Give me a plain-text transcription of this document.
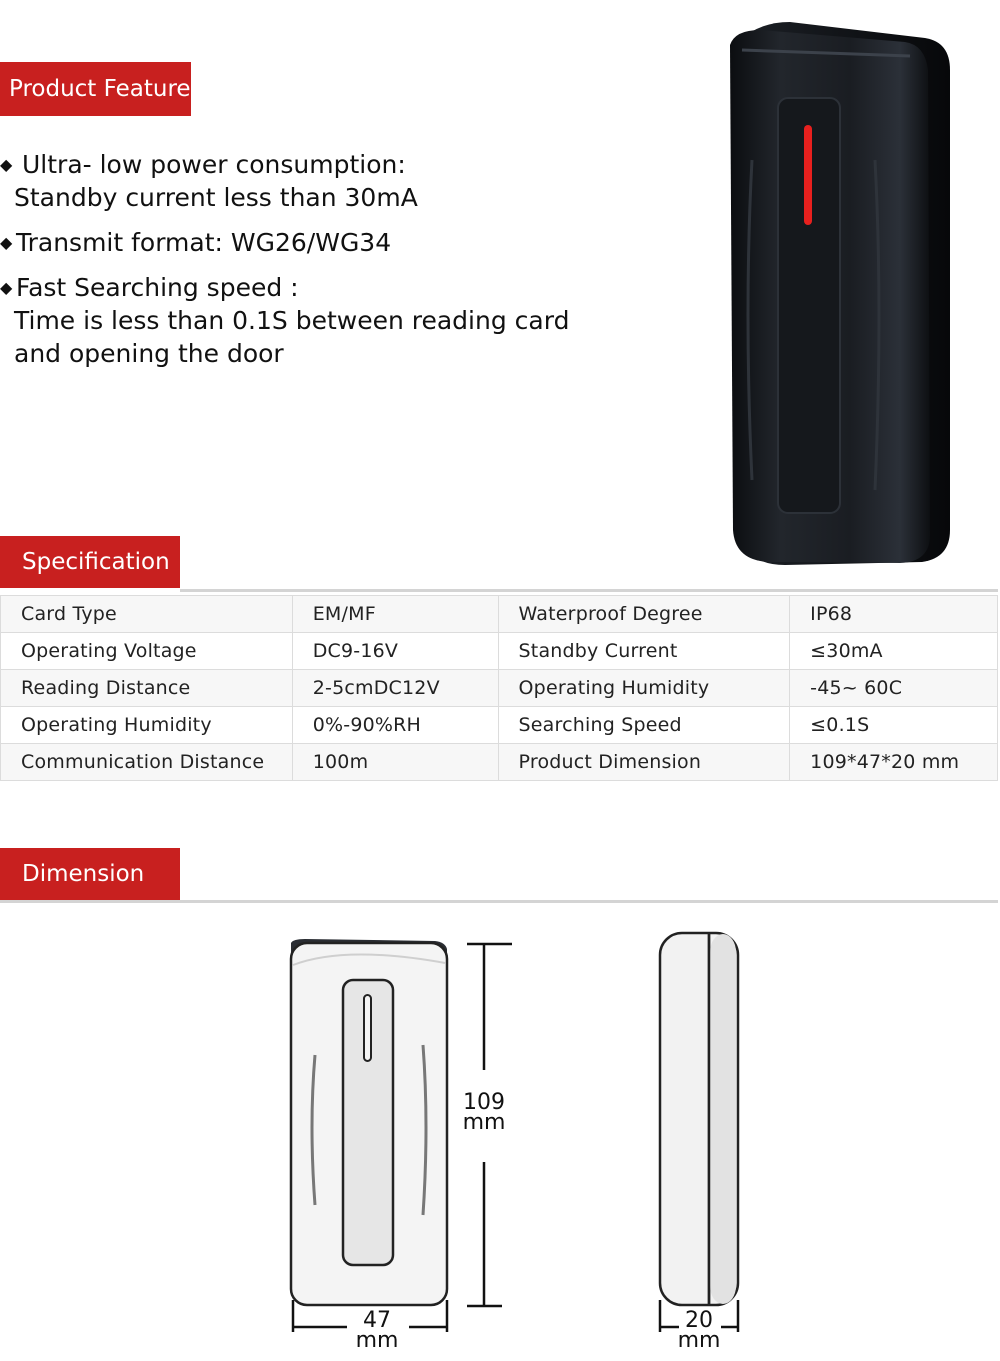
Product Feature
◆ Ultra- low power consumption:
Standby current less than 30mA
◆ Transmit format: WG26/WG34
◆ Fast Searching speed :
Time is less than 0.1S between reading card
and opening the door
Specification
Card Type	EM/MF	Waterproof Degree	IP68
Operating Voltage	DC9-16V	Standby Current	≤30mA
Reading Distance	2-5cmDC12V	Operating Humidity	-45~ 60C
Operating Humidity	0%-90%RH	Searching Speed	≤0.1S
Communication Distance	100m	Product Dimension	109*47*20 mm
Dimension
109
mm
47
mm
20
mm
